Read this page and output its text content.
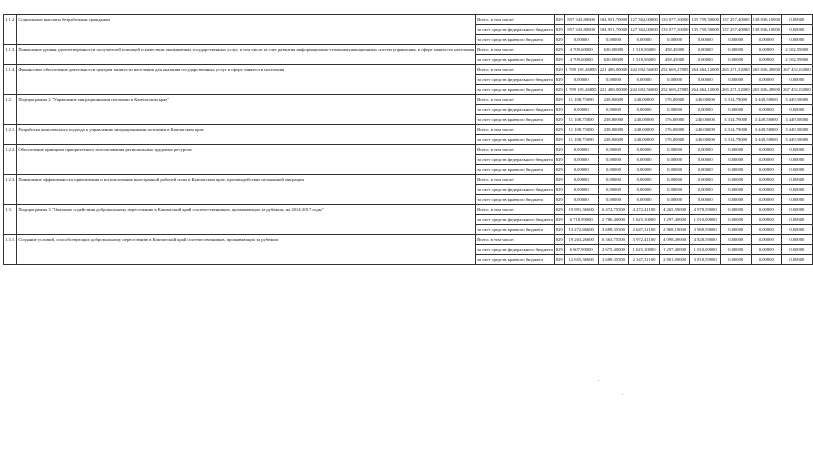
1.1.2.	Социальные выплаты безработным гражданам	Всего, в том числе:	829	857 343,80000	184 951,70000	127 362,00000	133 077,10000	135 759,50000	137 257,40000	138 836,10000	0,00000
		за счет средств федерального бюджета	829	857 343,80000	184 951,70000	127 362,00000	133 077,10000	135 759,50000	137 257,40000	138 836,10000	0,00000
		за счет средств краевого бюджета	829	0,00000	0,00000	0,00000	0,00000	0,00000	0,00000	0,00000	0,00000
1.1.3.	Повышение уровня удовлетворенности получателей помощей и качеством оказываемых государственных услуг, в том числе за счет развития информационно-телекоммуникационных систем управления, в сфере занятости населения	Всего, в том числе:	829	4 709,60000	630,00000	1 518,56000	458,45000	0,00000	0,00000	0,00000	2 102,59000
		за счет средств краевого бюджета	829	4 709,60000	630,00000	1 518,56000	458,45000	0,00000	0,00000	0,00000	2 102,59000
1.1.4.	Финансовое обеспечение деятельности центров занятости населения для оказания государственных услуг в сфере занятости населения	Всего, в том числе:	829	1 789 181,46885	221 486,00000	242 692,56000	252 669,27885	264 464,12000	265 271,52000	265 826,49000	267 451,02000
		за счет средств федерального бюджета	829	0,00000	0,00000	0,00000	0,00000	0,00000	0,00000	0,00000	0,00000
		за счет средств краевого бюджета	829	1 789 181,46885	221 486,00000	242 692,56000	252 669,27885	264 464,12000	265 271,52000	265 826,49000	267 451,02000
1.2.	Подпрограмма 2 "Управление миграционными потоками в Камчатском крае"	Всего, в том числе:	829	11 108,75000	238,80000	240,00000	176,00000	240,00000	3 314,79000	3 449,58000	3 449,58000
		за счет средств федерального бюджета	829	0,00000	0,00000	0,00000	0,00000	0,00000	0,00000	0,00000	0,00000
		за счет средств краевого бюджета	829	11 108,75000	238,80000	240,00000	176,00000	240,00000	3 314,79000	3 449,58000	3 449,58000
1.2.1.	Разработка комплексного подхода к управлению миграционными потоками в Камчатском крае	Всего, в том числе:	829	11 108,75000	238,80000	240,00000	176,00000	240,00000	3 314,79000	3 449,58000	3 449,58000
		за счет средств краевого бюджета	829	11 108,75000	238,80000	240,00000	176,00000	240,00000	3 314,79000	3 449,58000	3 449,58000
1.2.2.	Обеспечение принципа приоритетного использования региональных трудовых ресурсов	Всего, в том числе:	829	0,00000	0,00000	0,00000	0,00000	0,00000	0,00000	0,00000	0,00000
		за счет средств федерального бюджета	829	0,00000	0,00000	0,00000	0,00000	0,00000	0,00000	0,00000	0,00000
		за счет средств краевого бюджета	829	0,00000	0,00000	0,00000	0,00000	0,00000	0,00000	0,00000	0,00000
1.2.3.	Повышение эффективности привлечения и использования иностранной рабочей силы в Камчатском крае, противодействие незаконной миграции	Всего, в том числе:	829	0,00000	0,00000	0,00000	0,00000	0,00000	0,00000	0,00000	0,00000
		за счет средств федерального бюджета	829	0,00000	0,00000	0,00000	0,00000	0,00000	0,00000	0,00000	0,00000
		за счет средств краевого бюджета	829	0,00000	0,00000	0,00000	0,00000	0,00000	0,00000	0,00000	0,00000
1.3.	Подпрограмма 3 "Оказание содействия добровольному переселению в Камчатский край соотечественников, проживающих за рубежом, на 2014-2017 годы"	Всего, в том числе:	829	19 991,36600	6 474,75500	4 272,41100	4 265,59000	4 978,59000	0,00000	0,00000	0,00000
		за счет средств федерального бюджета	829	6 718,99000	2 786,40000	1 625,10000	1 297,40000	1 010,00000	0,00000	0,00000	0,00000
		за счет средств краевого бюджета	829	13 272,86600	3 688,35500	2 647,31100	2 968,19000	3 968,59000	0,00000	0,00000	0,00000
1.3.1.	Создание условий, способствующих добровольному переселению в Камчатский край соотечественников, проживающих за рубежом	Всего, в том числе:	829	19 263,26600	6 363,75500	3 972,41100	4 098,49000	4 828,59000	0,00000	0,00000	0,00000
		за счет средств федерального бюджета	829	6 607,90000	2 675,40000	1 625,10000	1 297,40000	1 010,00000	0,00000	0,00000	0,00000
		за счет средств краевого бюджета	829	12 655,36600	3 688,35500	2 347,31100	2 801,09000	3 818,59000	0,00000	0,00000	0,00000
